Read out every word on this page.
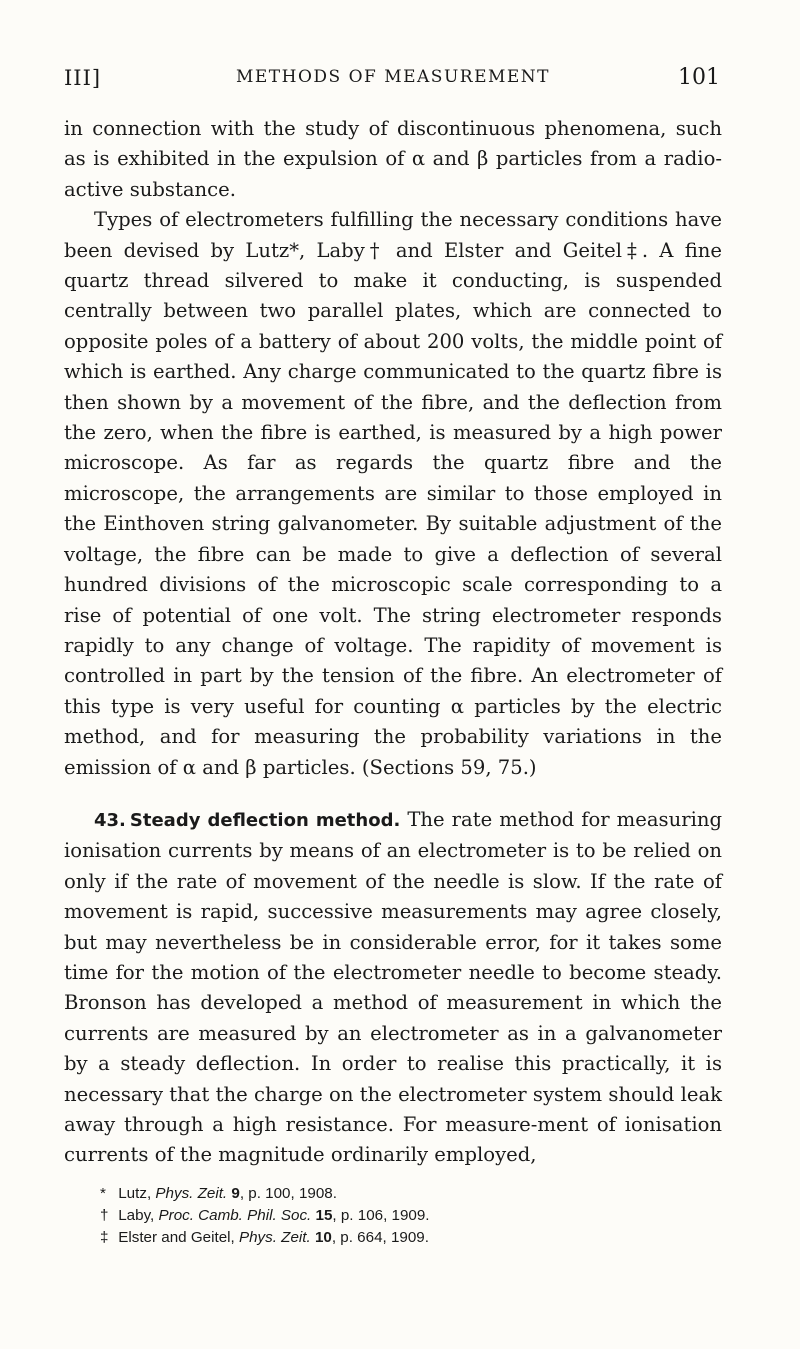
III]	METHODS OF MEASUREMENT	101

in connection with the study of discontinuous phenomena, such as is exhibited in the expulsion of α and β particles from a radio-active substance.

Types of electrometers fulfilling the necessary conditions have been devised by Lutz*, Laby† and Elster and Geitel‡. A fine quartz thread silvered to make it conducting, is suspended centrally between two parallel plates, which are connected to opposite poles of a battery of about 200 volts, the middle point of which is earthed. Any charge communicated to the quartz fibre is then shown by a movement of the fibre, and the deflection from the zero, when the fibre is earthed, is measured by a high power microscope. As far as regards the quartz fibre and the microscope, the arrangements are similar to those employed in the Einthoven string galvanometer. By suitable adjustment of the voltage, the fibre can be made to give a deflection of several hundred divisions of the microscopic scale corresponding to a rise of potential of one volt. The string electrometer responds rapidly to any change of voltage. The rapidity of movement is controlled in part by the tension of the fibre. An electrometer of this type is very useful for counting α particles by the electric method, and for measuring the probability variations in the emission of α and β particles. (Sections 59, 75.)

43. Steady deflection method. The rate method for measuring ionisation currents by means of an electrometer is to be relied on only if the rate of movement of the needle is slow. If the rate of movement is rapid, successive measurements may agree closely, but may nevertheless be in considerable error, for it takes some time for the motion of the electrometer needle to become steady. Bronson has developed a method of measurement in which the currents are measured by an electrometer as in a galvanometer by a steady deflection. In order to realise this practically, it is necessary that the charge on the electrometer system should leak away through a high resistance. For measure-ment of ionisation currents of the magnitude ordinarily employed,

* Lutz, Phys. Zeit. 9, p. 100, 1908.
† Laby, Proc. Camb. Phil. Soc. 15, p. 106, 1909.
‡ Elster and Geitel, Phys. Zeit. 10, p. 664, 1909.
